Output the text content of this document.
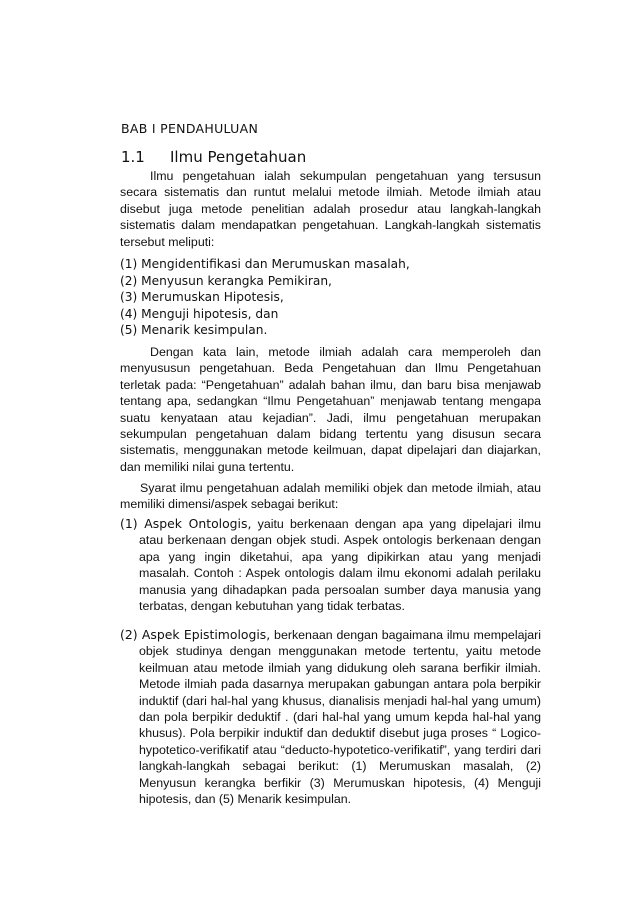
BAB I PENDAHULUAN
1.1 Ilmu Pengetahuan

Ilmu pengetahuan ialah sekumpulan pengetahuan yang tersusun secara sistematis dan runtut melalui metode ilmiah. Metode ilmiah atau disebut juga metode penelitian adalah prosedur atau langkah-langkah sistematis dalam mendapatkan pengetahuan. Langkah-langkah sistematis tersebut meliputi:

(1) Mengidentifikasi dan Merumuskan masalah,
(2) Menyusun kerangka Pemikiran,
(3) Merumuskan Hipotesis,
(4) Menguji hipotesis, dan
(5) Menarik kesimpulan.

Dengan kata lain, metode ilmiah adalah cara memperoleh dan menyususun pengetahuan. Beda Pengetahuan dan Ilmu Pengetahuan terletak pada: “Pengetahuan” adalah bahan ilmu, dan baru bisa menjawab tentang apa, sedangkan “Ilmu Pengetahuan” menjawab tentang mengapa suatu kenyataan atau kejadian”. Jadi, ilmu pengetahuan merupakan sekumpulan pengetahuan dalam bidang tertentu yang disusun secara sistematis, menggunakan metode keilmuan, dapat dipelajari dan diajarkan, dan memiliki nilai guna tertentu.

Syarat ilmu pengetahuan adalah memiliki objek dan metode ilmiah, atau memiliki dimensi/aspek sebagai berikut:

(1) Aspek Ontologis, yaitu berkenaan dengan apa yang dipelajari ilmu atau berkenaan dengan objek studi. Aspek ontologis berkenaan dengan apa yang ingin diketahui, apa yang dipikirkan atau yang menjadi masalah. Contoh : Aspek ontologis dalam ilmu ekonomi adalah perilaku manusia yang dihadapkan pada persoalan sumber daya manusia yang terbatas, dengan kebutuhan yang tidak terbatas.

(2) Aspek Epistimologis, berkenaan dengan bagaimana ilmu mempelajari objek studinya dengan menggunakan metode tertentu, yaitu metode keilmuan atau metode ilmiah yang didukung oleh sarana berfikir ilmiah. Metode ilmiah pada dasarnya merupakan gabungan antara pola berpikir induktif (dari hal-hal yang khusus, dianalisis menjadi hal-hal yang umum) dan pola berpikir deduktif . (dari hal-hal yang umum kepda hal-hal yang khusus). Pola berpikir induktif dan deduktif disebut juga proses “ Logico-hypotetico-verifikatif atau “deducto-hypotetico-verifikatif”, yang terdiri dari langkah-langkah sebagai berikut: (1) Merumuskan masalah, (2) Menyusun kerangka berfikir (3) Merumuskan hipotesis, (4) Menguji hipotesis, dan (5) Menarik kesimpulan.
